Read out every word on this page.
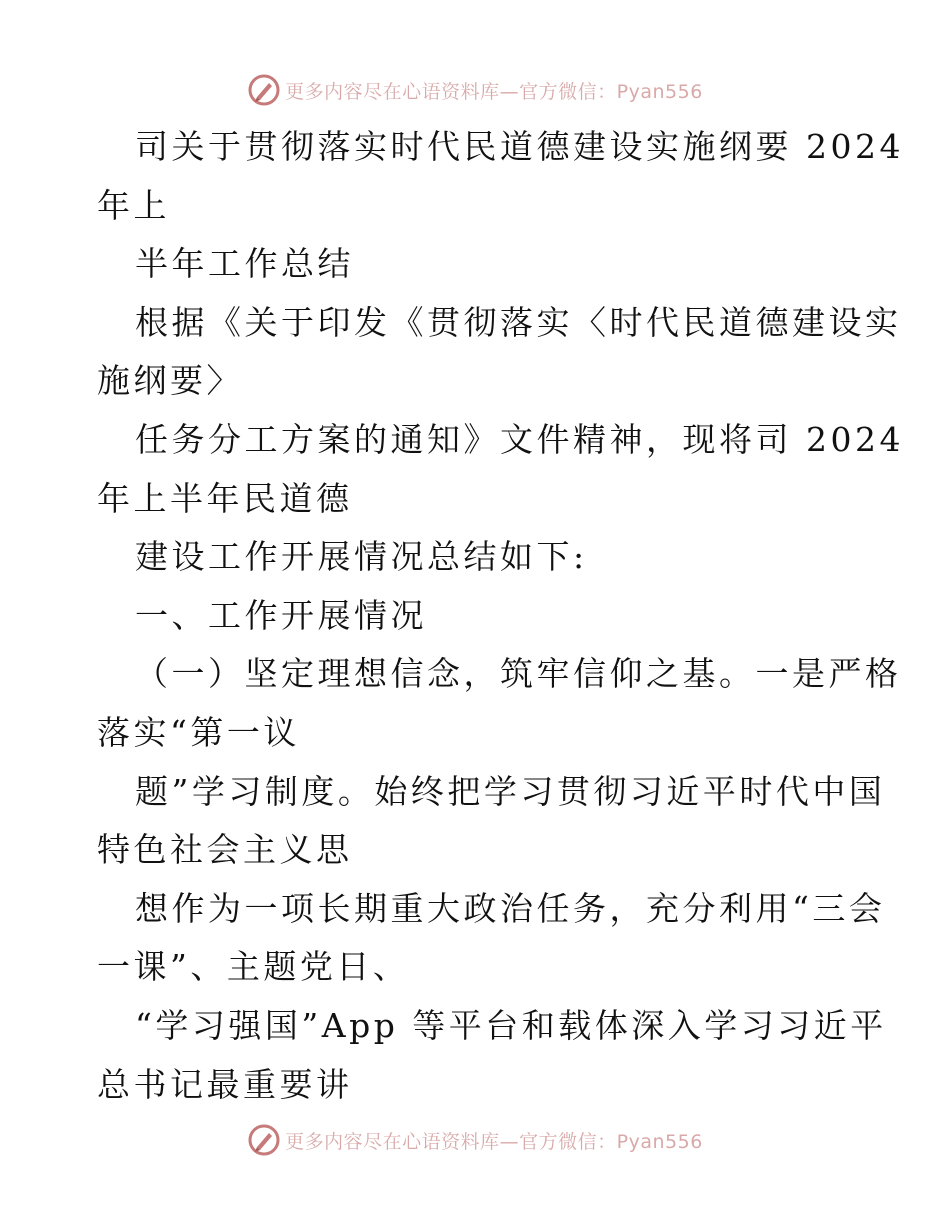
更多内容尽在心语资料库—官方微信：Pyan556
司关于贯彻落实时代民道德建设实施纲要 2024
年上
半年工作总结
根据《关于印发《贯彻落实〈时代民道德建设实
施纲要〉
任务分工方案的通知》文件精神，现将司 2024
年上半年民道德
建设工作开展情况总结如下:
一、工作开展情况
（一）坚定理想信念，筑牢信仰之基。一是严格
落实“第一议
题”学习制度。始终把学习贯彻习近平时代中国
特色社会主义思
想作为一项长期重大政治任务，充分利用“三会
一课”、主题党日、
“学习强国”App 等平台和载体深入学习习近平
总书记最重要讲
更多内容尽在心语资料库—官方微信：Pyan556
